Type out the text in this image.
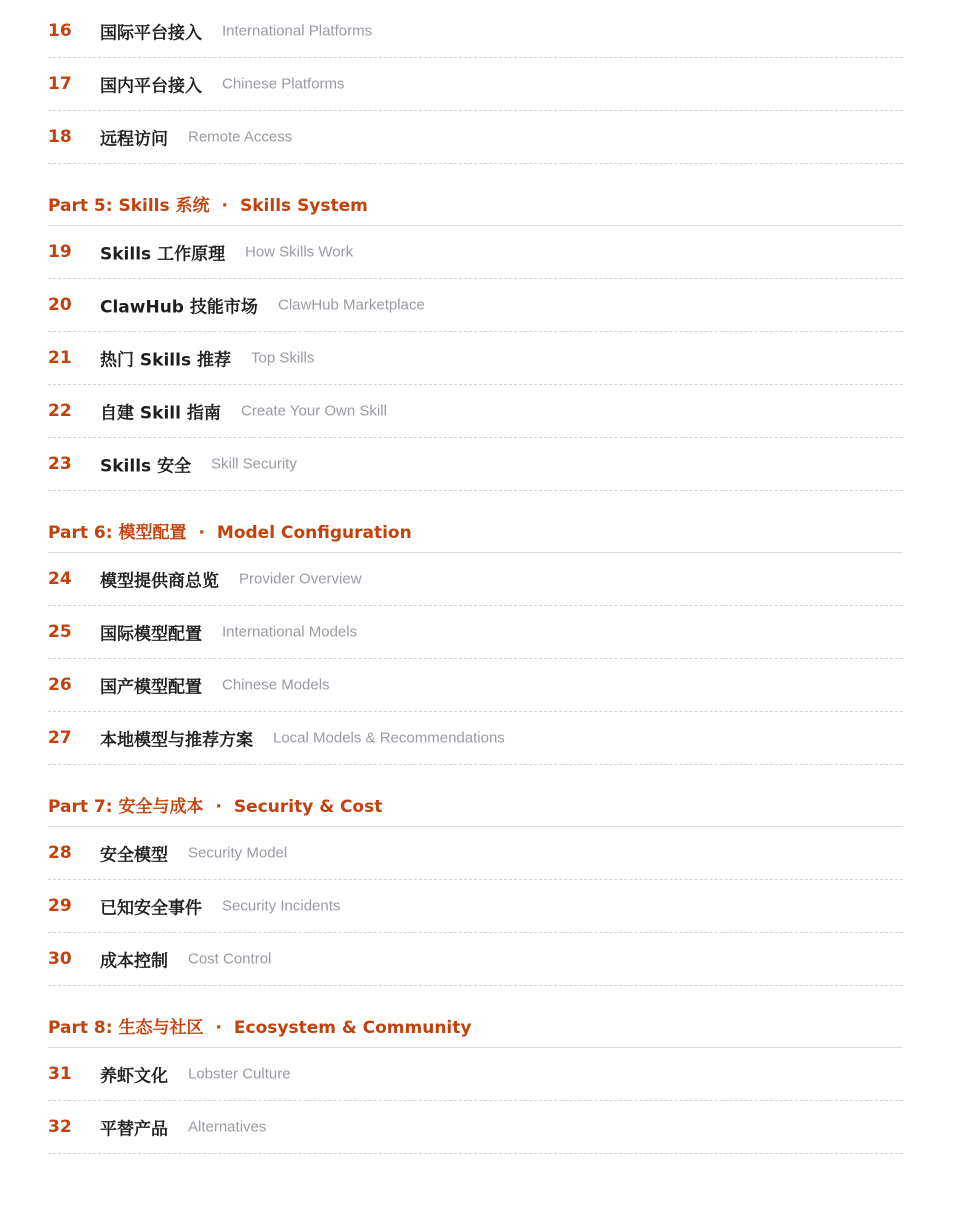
16 国际平台接入 International Platforms
17 国内平台接入 Chinese Platforms
18 远程访问 Remote Access
Part 5: Skills 系统 · Skills System
19 Skills 工作原理 How Skills Work
20 ClawHub 技能市场 ClawHub Marketplace
21 热门 Skills 推荐 Top Skills
22 自建 Skill 指南 Create Your Own Skill
23 Skills 安全 Skill Security
Part 6: 模型配置 · Model Configuration
24 模型提供商总览 Provider Overview
25 国际模型配置 International Models
26 国产模型配置 Chinese Models
27 本地模型与推荐方案 Local Models & Recommendations
Part 7: 安全与成本 · Security & Cost
28 安全模型 Security Model
29 已知安全事件 Security Incidents
30 成本控制 Cost Control
Part 8: 生态与社区 · Ecosystem & Community
31 养虾文化 Lobster Culture
32 平替产品 Alternatives
